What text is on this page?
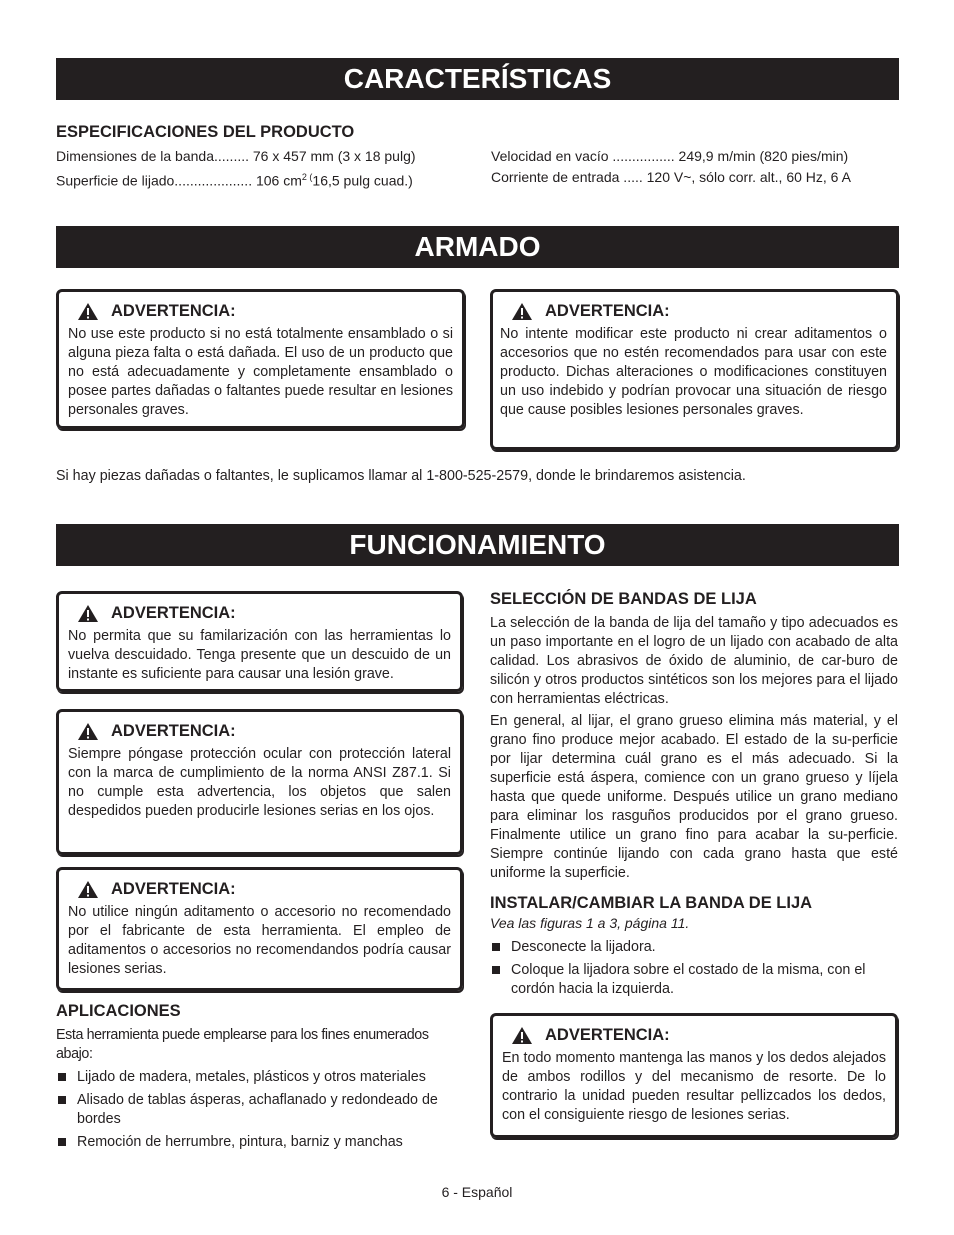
CARACTERÍSTICAS
ARMADO
FUNCIONAMIENTO
ESPECIFICACIONES DEL PRODUCTO
Dimensiones de la banda......... 76 x 457 mm (3 x 18 pulg)
Superficie de lijado.................... 106 $cm^{2 (}16,5$ pulg cuad.)
Velocidad en vacío ................ 249,9 m/min (820 pies/min)
Corriente de entrada ..... 120 V~, sólo corr. alt., 60 Hz, 6 A
ADVERTENCIA:

No use este producto si no está totalmente ensamblado o si alguna pieza falta o está dañada. El uso de un producto que no está adecuadamente y completamente ensamblado o posee partes dañadas o faltantes puede resultar en lesiones personales graves.

ADVERTENCIA:

No intente modificar este producto ni crear aditamentos o accesorios que no estén recomendados para usar con este producto. Dichas alteraciones o modificaciones constituyen un uso indebido y podrían provocar una situación de riesgo que cause posibles lesiones personales graves.

Si hay piezas dañadas o faltantes, le suplicamos llamar al 1-800-525-2579, donde le brindaremos asistencia.
ADVERTENCIA:

No permita que su familarización con las herramientas lo vuelva descuidado. Tenga presente que un descuido de un instante es suficiente para causar una lesión grave.

ADVERTENCIA:

Siempre póngase protección ocular con protección lateral con la marca de cumplimiento de la norma ANSI Z87.1. Si no cumple esta advertencia, los objetos que salen despedidos pueden producirle lesiones serias en los ojos.

ADVERTENCIA:

No utilice ningún aditamento o accesorio no recomendado por el fabricante de esta herramienta. El empleo de aditamentos o accesorios no recomendandos podría causar lesiones serias.

APLICACIONES
Esta herramienta puede emplearse para los fines enumerados abajo:
Lijado de madera, metales, plásticos y otros materiales
Alisado de tablas ásperas, achaflanado y redondeado de bordes
Remoción de herrumbre, pintura, barniz y manchas
SELECCIÓN DE BANDAS DE LIJA

La selección de la banda de lija del tamaño y tipo adecuados es un paso importante en el logro de un lijado con acabado de alta calidad. Los abrasivos de óxido de aluminio, de car-buro de silicón y otros productos sintéticos son los mejores para el lijado con herramientas eléctricas.

En general, al lijar, el grano grueso elimina más material, y el grano fino produce mejor acabado. El estado de la su-perficie por lijar determina cuál grano es el más adecuado. Si la superficie está áspera, comience con un grano grueso y líjela hasta que quede uniforme. Después utilice un grano mediano para eliminar los rasguños producidos por el grano grueso. Finalmente utilice un grano fino para acabar la su-perficie. Siempre continúe lijando con cada grano hasta que esté uniforme la superficie.

INSTALAR/CAMBIAR LA BANDA DE LIJA
Vea las figuras 1 a 3, página 11.
Desconecte la lijadora.
Coloque la lijadora sobre el costado de la misma, con el cordón hacia la izquierda.
ADVERTENCIA:

En todo momento mantenga las manos y los dedos alejados de ambos rodillos y del mecanismo de resorte. De lo contrario la unidad pueden resultar pellizcados los dedos, con el consiguiente riesgo de lesiones serias.

6 - Español
